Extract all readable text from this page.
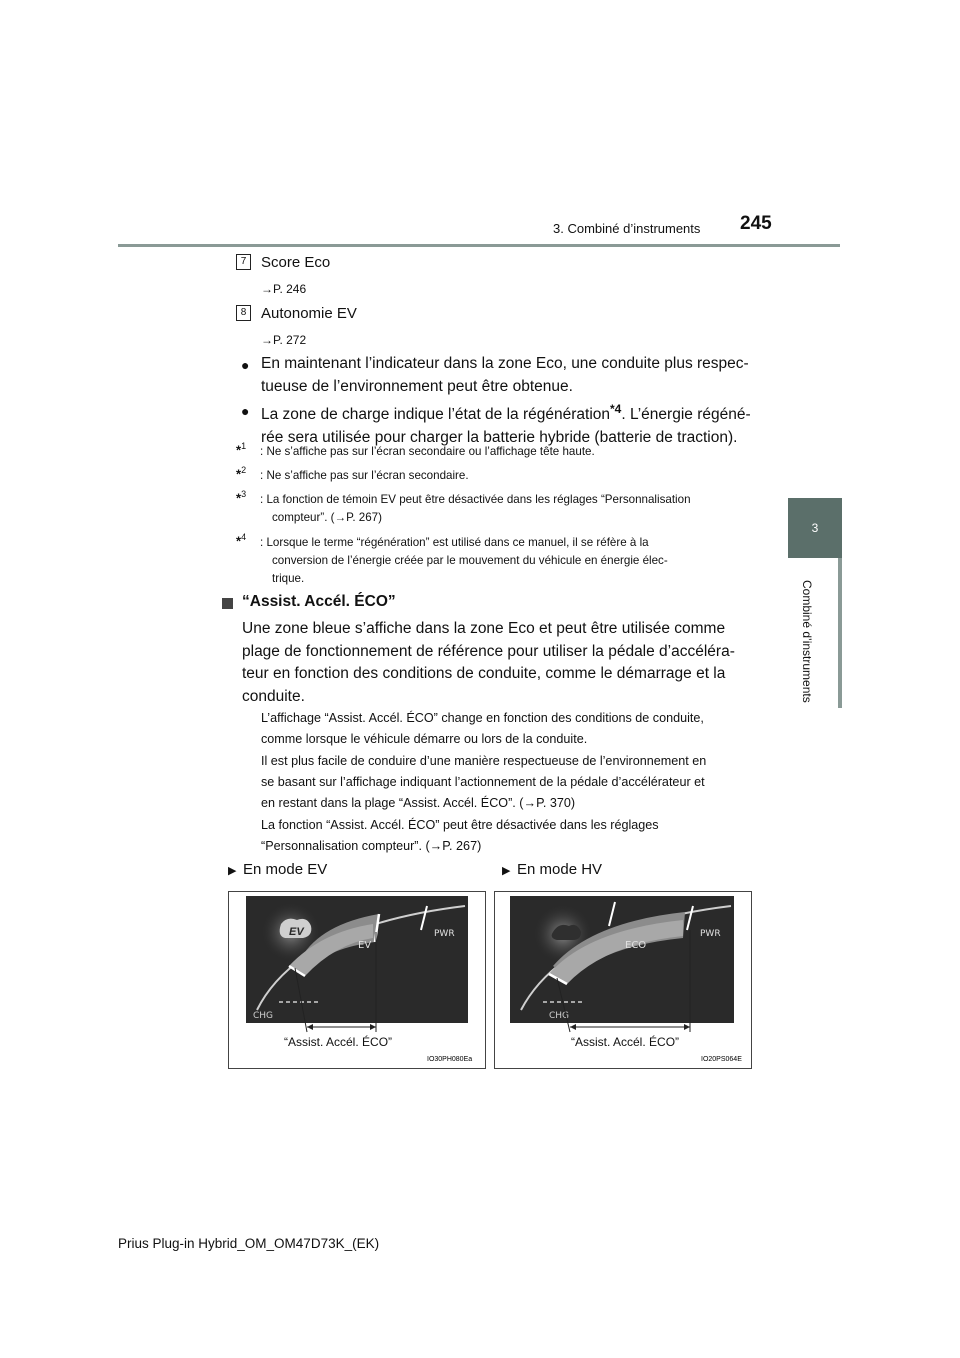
3. Combiné d’instruments 245
3
Combiné d’instruments
7 Score Eco
→P. 246
8 Autonomie EV
→P. 272
● En maintenant l’indicateur dans la zone Eco, une conduite plus respec-
tueuse de l’environnement peut être obtenue.
● La zone de charge indique l’état de la régénération$^{*4}$. L’énergie régéné-
rée sera utilisée pour charger la batterie hybride (batterie de traction).
*$^1$ : Ne s’affiche pas sur l’écran secondaire ou l’affichage tête haute.
*$^2$ : Ne s’affiche pas sur l’écran secondaire.
*$^3$ : La fonction de témoin EV peut être désactivée dans les réglages “Personnalisation
compteur”. (→P. 267)
*$^4$ : Lorsque le terme “régénération” est utilisé dans ce manuel, il se réfère à la
conversion de l’énergie créée par le mouvement du véhicule en énergie élec-
trique.
“Assist. Accél. ÉCO”
Une zone bleue s’affiche dans la zone Eco et peut être utilisée comme
plage de fonctionnement de référence pour utiliser la pédale d’accéléra-
teur en fonction des conditions de conduite, comme le démarrage et la
conduite.
L’affichage “Assist. Accél. ÉCO” change en fonction des conditions de conduite,
comme lorsque le véhicule démarre ou lors de la conduite.
Il est plus facile de conduire d’une manière respectueuse de l’environnement en
se basant sur l’affichage indiquant l’actionnement de la pédale d’accélérateur et
en restant dans la plage “Assist. Accél. ÉCO”. (→P. 370)
La fonction “Assist. Accél. ÉCO” peut être désactivée dans les réglages
“Personnalisation compteur”. (→P. 267)
▶ En mode EV	▶ En mode HV
EV
EV
PWR
CHG
“Assist. Accél. ÉCO”
IO30PH080Ea
ECO
PWR
CHG
“Assist. Accél. ÉCO”
IO20PS064E
Prius Plug-in Hybrid_OM_OM47D73K_(EK)
